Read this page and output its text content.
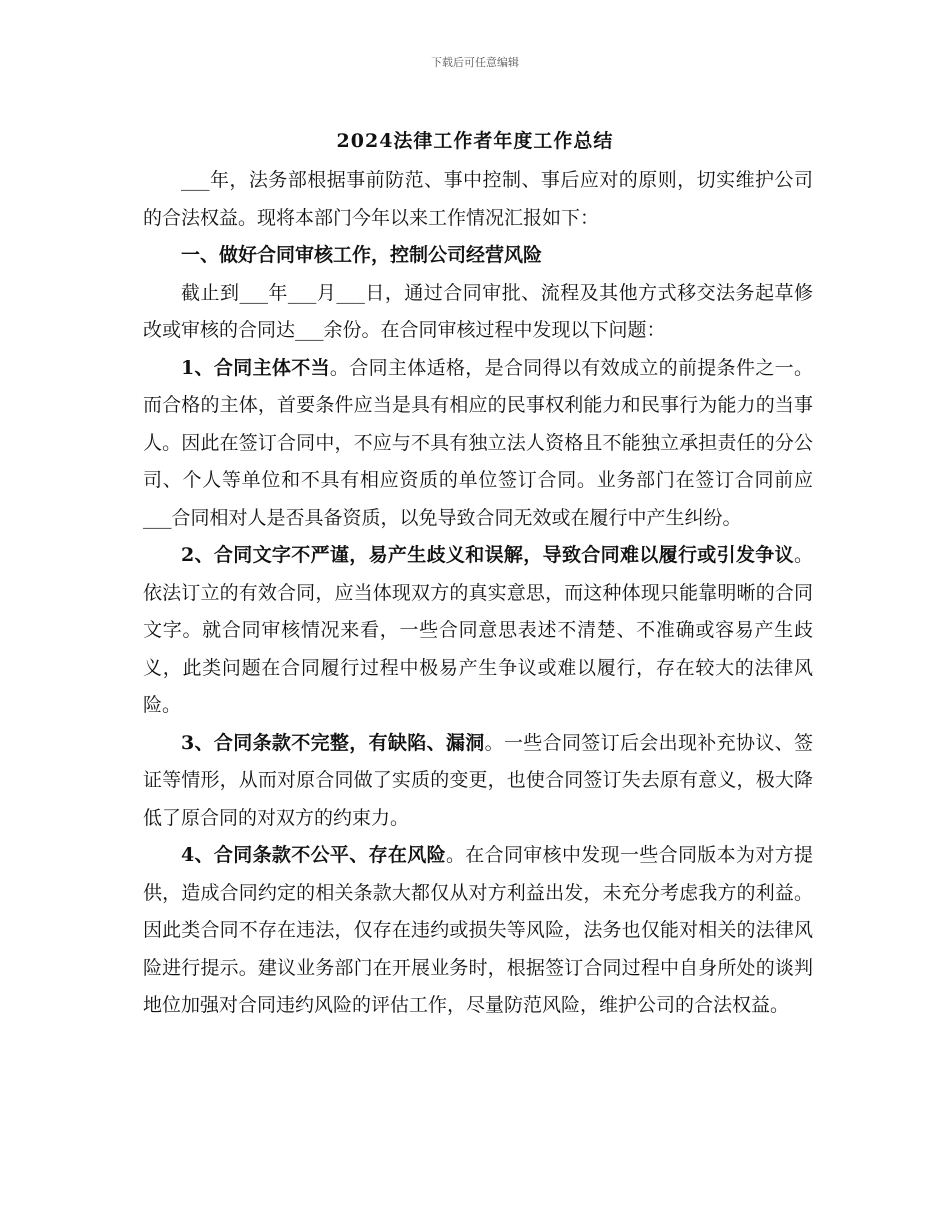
下载后可任意编辑
2024法律工作者年度工作总结

___年，法务部根据事前防范、事中控制、事后应对的原则，切实维护公司的合法权益。现将本部门今年以来工作情况汇报如下：

一、做好合同审核工作，控制公司经营风险

截止到___年___月___日，通过合同审批、流程及其他方式移交法务起草修改或审核的合同达___余份。在合同审核过程中发现以下问题：

1、合同主体不当。合同主体适格，是合同得以有效成立的前提条件之一。而合格的主体，首要条件应当是具有相应的民事权利能力和民事行为能力的当事人。因此在签订合同中，不应与不具有独立法人资格且不能独立承担责任的分公司、个人等单位和不具有相应资质的单位签订合同。业务部门在签订合同前应___合同相对人是否具备资质，以免导致合同无效或在履行中产生纠纷。

2、合同文字不严谨，易产生歧义和误解，导致合同难以履行或引发争议。依法订立的有效合同，应当体现双方的真实意思，而这种体现只能靠明晰的合同文字。就合同审核情况来看，一些合同意思表述不清楚、不准确或容易产生歧义，此类问题在合同履行过程中极易产生争议或难以履行，存在较大的法律风险。

3、合同条款不完整，有缺陷、漏洞。一些合同签订后会出现补充协议、签证等情形，从而对原合同做了实质的变更，也使合同签订失去原有意义，极大降低了原合同的对双方的约束力。

4、合同条款不公平、存在风险。在合同审核中发现一些合同版本为对方提供，造成合同约定的相关条款大都仅从对方利益出发，未充分考虑我方的利益。因此类合同不存在违法，仅存在违约或损失等风险，法务也仅能对相关的法律风险进行提示。建议业务部门在开展业务时，根据签订合同过程中自身所处的谈判地位加强对合同违约风险的评估工作，尽量防范风险，维护公司的合法权益。
